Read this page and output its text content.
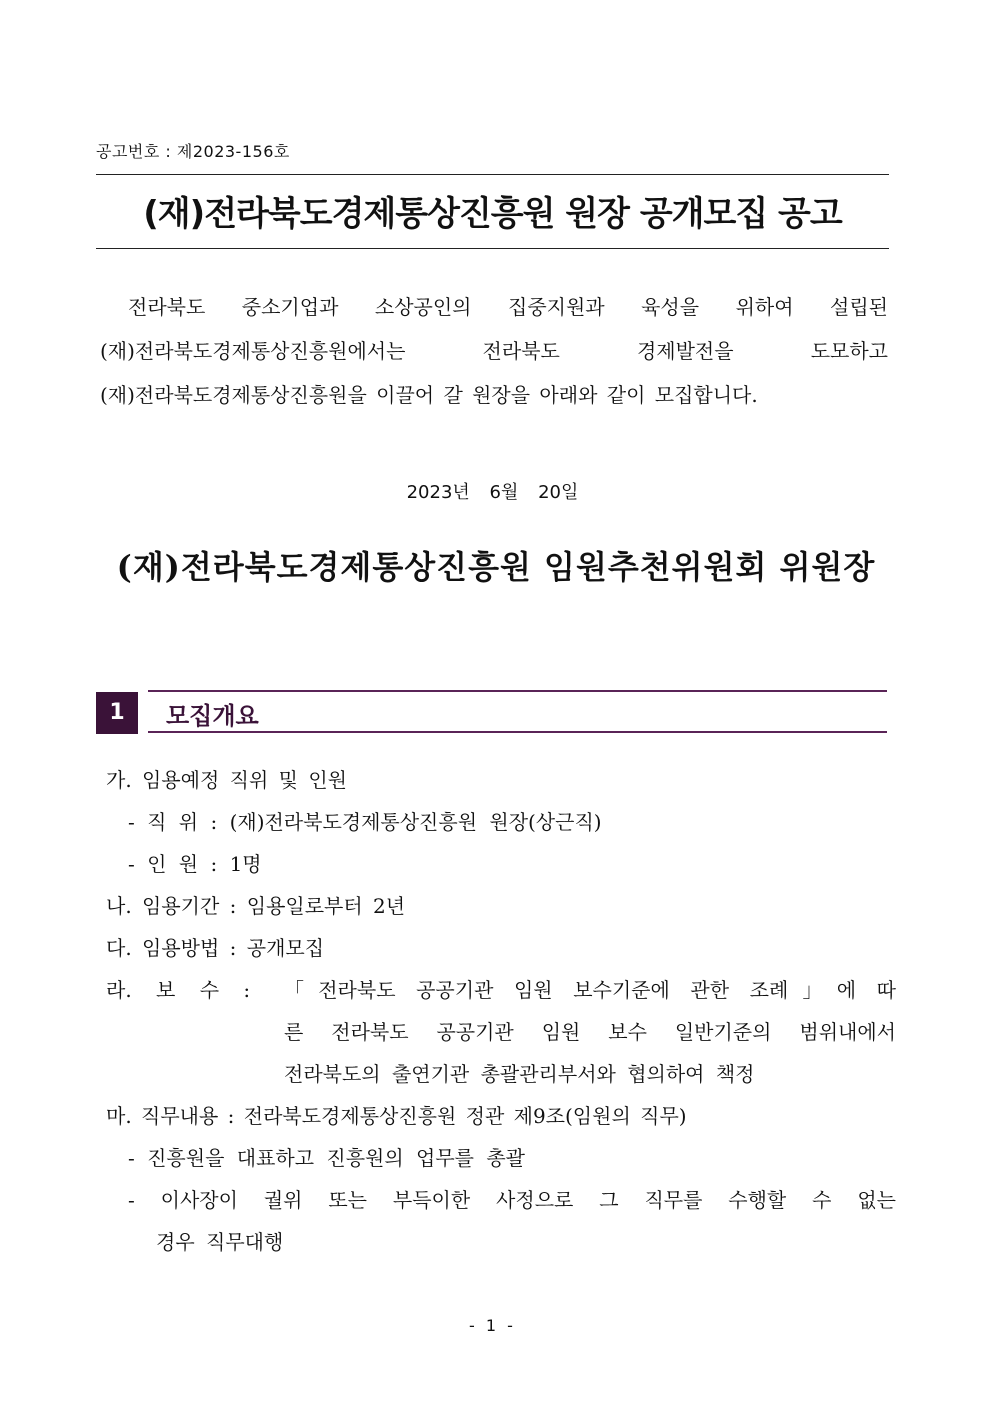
공고번호 : 제2023-156호
(재)전라북도경제통상진흥원 원장 공개모집 공고
전라북도 중소기업과 소상공인의 집중지원과 육성을 위하여 설립된
(재)전라북도경제통상진흥원에서는 전라북도 경제발전을 도모하고
(재)전라북도경제통상진흥원을 이끌어 갈 원장을 아래와 같이 모집합니다.
2023년 6월 20일
(재)전라북도경제통상진흥원 임원추천위원회 위원장
1	모집개요
가. 임용예정 직위 및 인원
- 직 위 : (재)전라북도경제통상진흥원 원장(상근직)
- 인 원 : 1명
나. 임용기간 : 임용일로부터 2년
다. 임용방법 : 공개모집
라. 보 수 : 「전라북도 공공기관 임원 보수기준에 관한 조례」에 따
른 전라북도 공공기관 임원 보수 일반기준의 범위내에서
전라북도의 출연기관 총괄관리부서와 협의하여 책정
마. 직무내용 : 전라북도경제통상진흥원 정관 제9조(임원의 직무)
- 진흥원을 대표하고 진흥원의 업무를 총괄
- 이사장이 궐위 또는 부득이한 사정으로 그 직무를 수행할 수 없는
경우 직무대행
- 1 -
